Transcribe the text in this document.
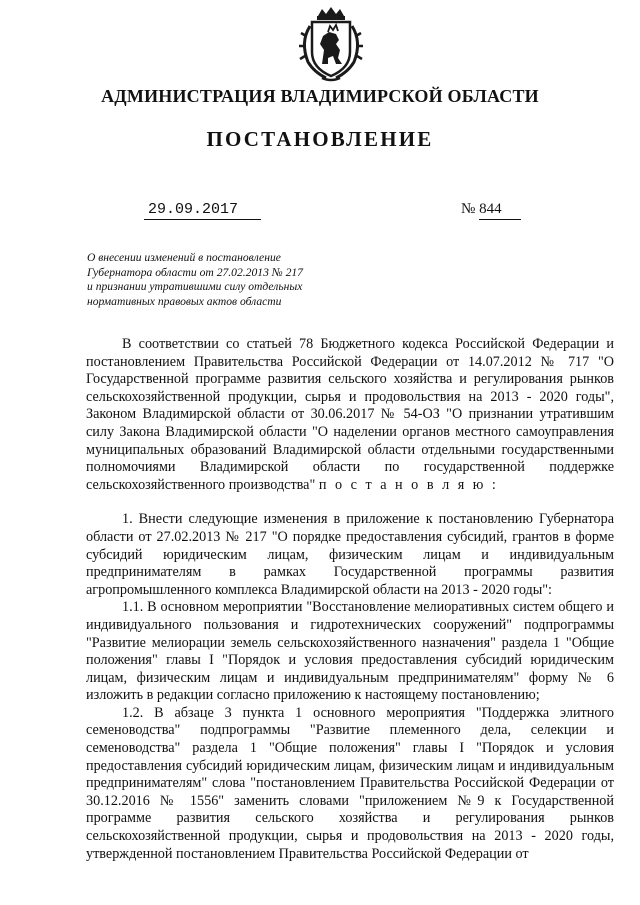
АДМИНИСТРАЦИЯ ВЛАДИМИРСКОЙ ОБЛАСТИ
ПОСТАНОВЛЕНИЕ
29.09.2017	№ 844
О внесении изменений в постановление
Губернатора области от 27.02.2013 № 217
и признании утратившими силу отдельных
нормативных правовых актов области

В соответствии со статьей 78 Бюджетного кодекса Российской Федерации и постановлением Правительства Российской Федерации от 14.07.2012 № 717 "О Государственной программе развития сельского хозяйства и регулирования рынков сельскохозяйственной продукции, сырья и продовольствия на 2013 - 2020 годы", Законом Владимирской области от 30.06.2017 № 54-ОЗ "О признании утратившим силу Закона Владимирской области "О наделении органов местного самоуправления муниципальных образований Владимирской области отдельными государственными полномочиями Владимирской области по государственной поддержке сельскохозяйственного производства" п о с т а н о в л я ю :

1. Внести следующие изменения в приложение к постановлению Губернатора области от 27.02.2013 № 217 "О порядке предоставления субсидий, грантов в форме субсидий юридическим лицам, физическим лицам и индивидуальным предпринимателям в рамках Государственной программы развития агропромышленного комплекса Владимирской области на 2013 - 2020 годы":

1.1. В основном мероприятии "Восстановление мелиоративных систем общего и индивидуального пользования и гидротехнических сооружений" подпрограммы "Развитие мелиорации земель сельскохозяйственного назначения" раздела 1 "Общие положения" главы I "Порядок и условия предоставления субсидий юридическим лицам, физическим лицам и индивидуальным предпринимателям" форму № 6 изложить в редакции согласно приложению к настоящему постановлению;

1.2. В абзаце 3 пункта 1 основного мероприятия "Поддержка элитного семеноводства" подпрограммы "Развитие племенного дела, селекции и семеноводства" раздела 1 "Общие положения" главы I "Порядок и условия предоставления субсидий юридическим лицам, физическим лицам и индивидуальным предпринимателям" слова "постановлением Правительства Российской Федерации от 30.12.2016 № 1556" заменить словами "приложением №9 к Государственной программе развития сельского хозяйства и регулирования рынков сельскохозяйственной продукции, сырья и продовольствия на 2013 - 2020 годы, утвержденной постановлением Правительства Российской Федерации от
